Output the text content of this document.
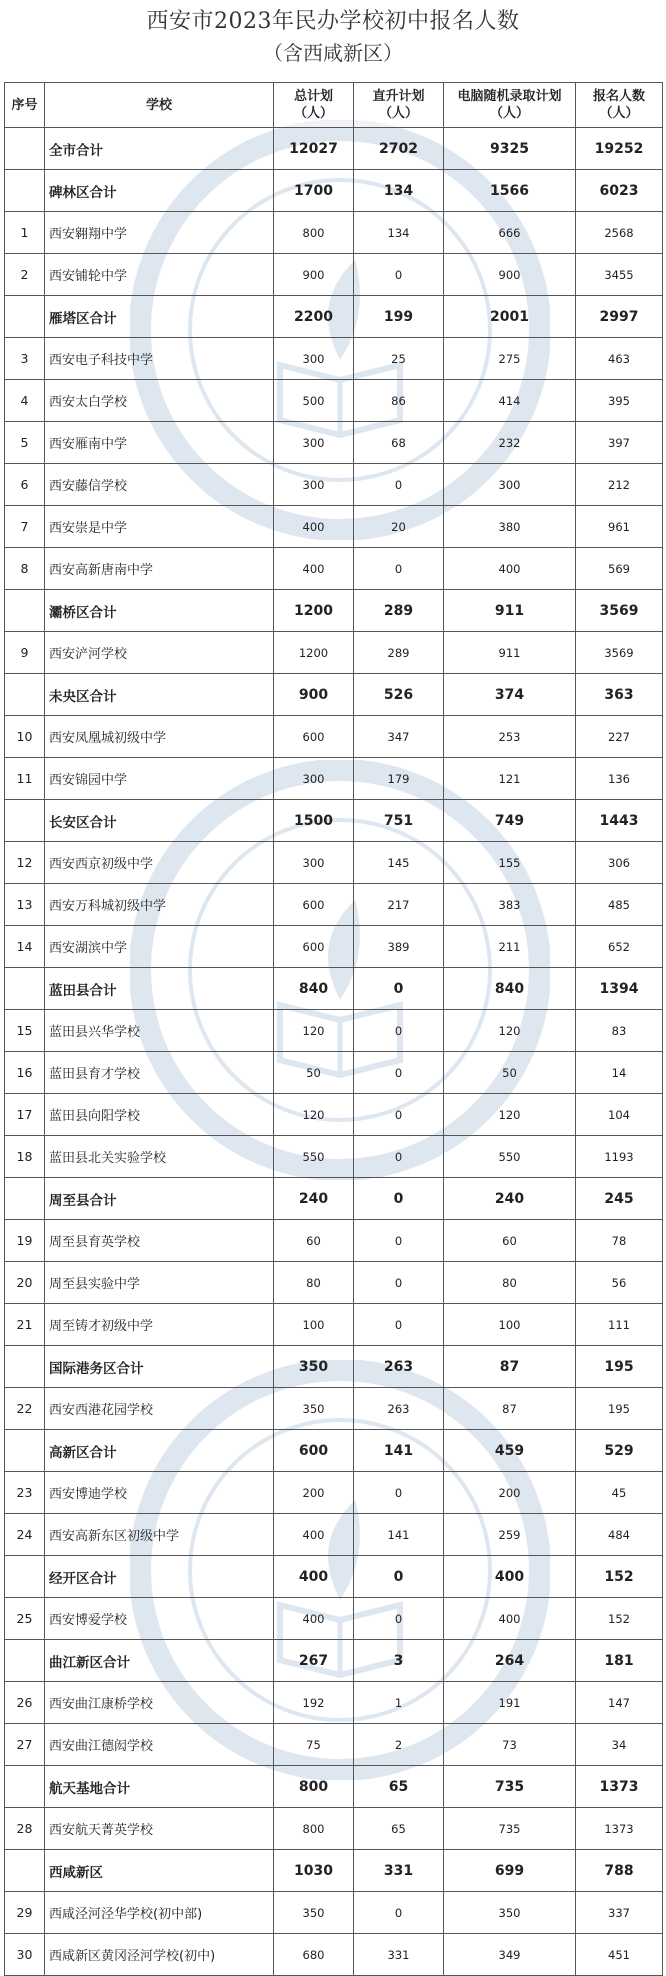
西安市2023年民办学校初中报名人数
（含西咸新区）
序号	学校	总计划（人）	直升计划（人）	电脑随机录取计划（人）	报名人数（人）
	全市合计	12027	2702	9325	19252
	碑林区合计	1700	134	1566	6023
1	西安翱翔中学	800	134	666	2568
2	西安铺轮中学	900	0	900	3455
	雁塔区合计	2200	199	2001	2997
3	西安电子科技中学	300	25	275	463
4	西安太白学校	500	86	414	395
5	西安雁南中学	300	68	232	397
6	西安藤信学校	300	0	300	212
7	西安崇是中学	400	20	380	961
8	西安高新唐南中学	400	0	400	569
	灞桥区合计	1200	289	911	3569
9	西安浐河学校	1200	289	911	3569
	未央区合计	900	526	374	363
10	西安凤凰城初级中学	600	347	253	227
11	西安锦园中学	300	179	121	136
	长安区合计	1500	751	749	1443
12	西安西京初级中学	300	145	155	306
13	西安万科城初级中学	600	217	383	485
14	西安湖滨中学	600	389	211	652
	蓝田县合计	840	0	840	1394
15	蓝田县兴华学校	120	0	120	83
16	蓝田县育才学校	50	0	50	14
17	蓝田县向阳学校	120	0	120	104
18	蓝田县北关实验学校	550	0	550	1193
	周至县合计	240	0	240	245
19	周至县育英学校	60	0	60	78
20	周至县实验中学	80	0	80	56
21	周至铸才初级中学	100	0	100	111
	国际港务区合计	350	263	87	195
22	西安西港花园学校	350	263	87	195
	高新区合计	600	141	459	529
23	西安博迪学校	200	0	200	45
24	西安高新东区初级中学	400	141	259	484
	经开区合计	400	0	400	152
25	西安博爱学校	400	0	400	152
	曲江新区合计	267	3	264	181
26	西安曲江康桥学校	192	1	191	147
27	西安曲江德闳学校	75	2	73	34
	航天基地合计	800	65	735	1373
28	西安航天菁英学校	800	65	735	1373
	西咸新区	1030	331	699	788
29	西咸泾河泾华学校(初中部)	350	0	350	337
30	西咸新区黄冈泾河学校(初中)	680	331	349	451
